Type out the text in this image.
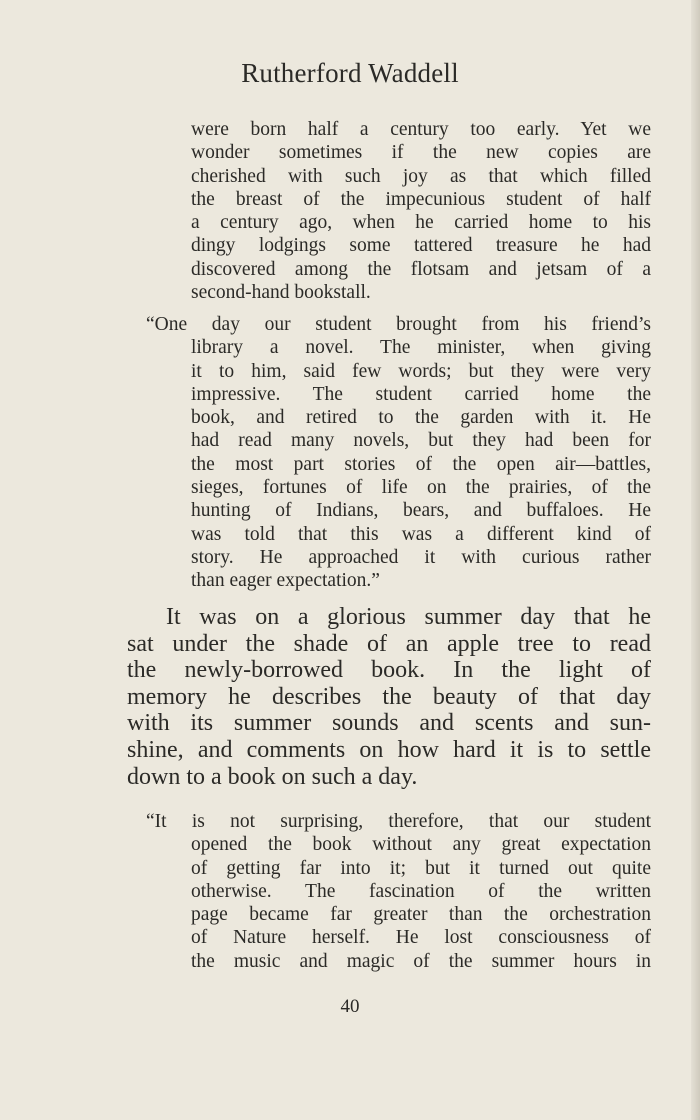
Rutherford Waddell
were born half a century too early. Yet we
wonder sometimes if the new copies are
cherished with such joy as that which filled
the breast of the impecunious student of half
a century ago, when he carried home to his
dingy lodgings some tattered treasure he had
discovered among the flotsam and jetsam of a
second-hand bookstall.
“One day our student brought from his friend’s
library a novel. The minister, when giving
it to him, said few words; but they were very
impressive. The student carried home the
book, and retired to the garden with it. He
had read many novels, but they had been for
the most part stories of the open air—battles,
sieges, fortunes of life on the prairies, of the
hunting of Indians, bears, and buffaloes. He
was told that this was a different kind of
story. He approached it with curious rather
than eager expectation.”
It was on a glorious summer day that he
sat under the shade of an apple tree to read
the newly-borrowed book. In the light of
memory he describes the beauty of that day
with its summer sounds and scents and sun-
shine, and comments on how hard it is to settle
down to a book on such a day.
“It is not surprising, therefore, that our student
opened the book without any great expectation
of getting far into it; but it turned out quite
otherwise. The fascination of the written
page became far greater than the orchestration
of Nature herself. He lost consciousness of
the music and magic of the summer hours in

40
